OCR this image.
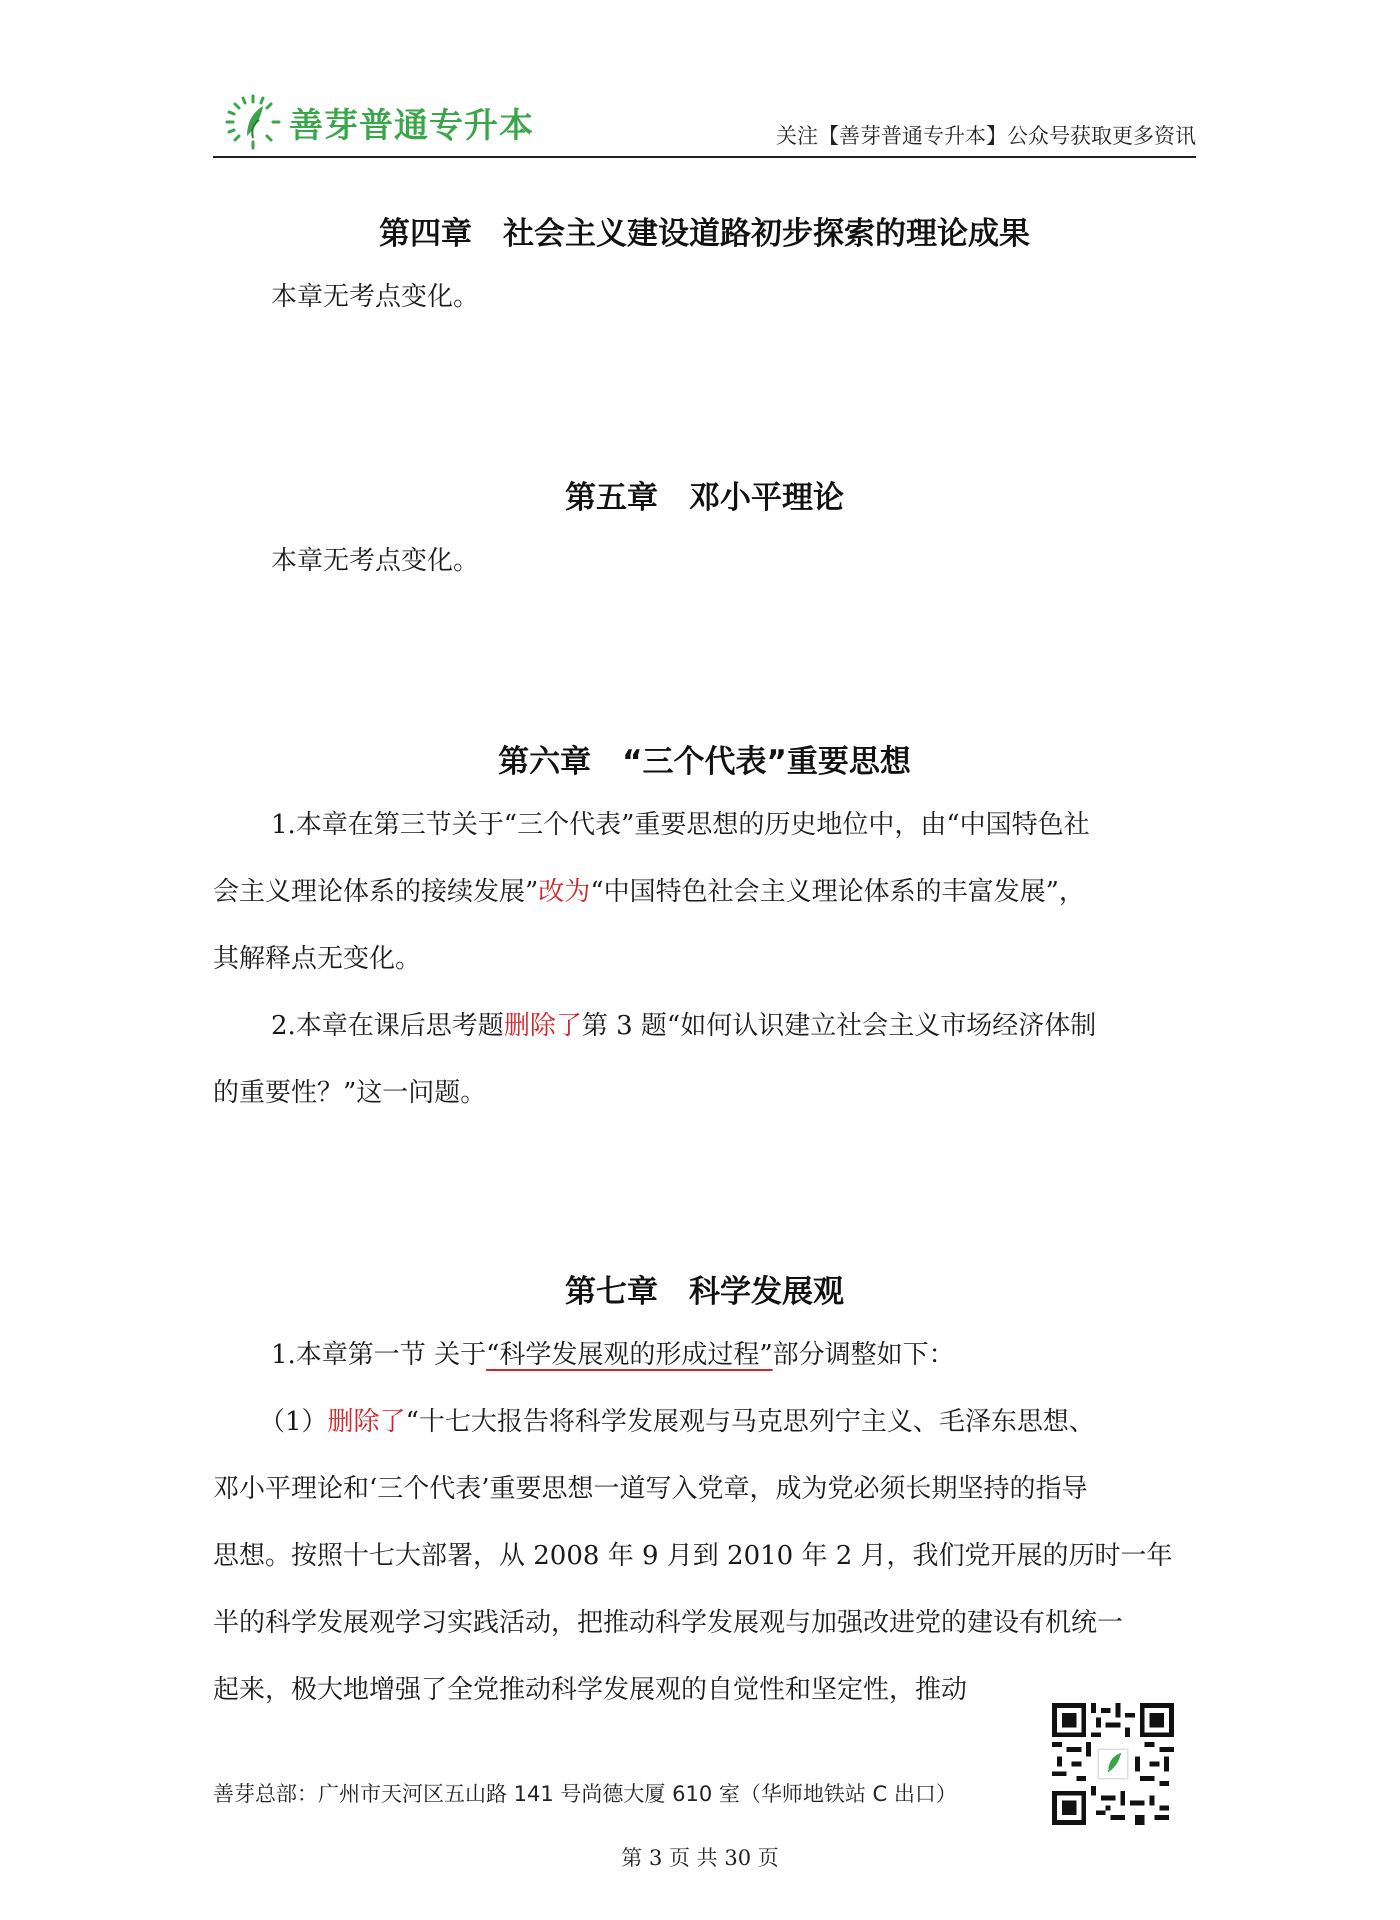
善芽普通专升本	关注【善芽普通专升本】公众号获取更多资讯
第四章　社会主义建设道路初步探索的理论成果
本章无考点变化。
第五章　邓小平理论
本章无考点变化。
第六章　“三个代表”重要思想
1.本章在第三节关于“三个代表”重要思想的历史地位中，由“中国特色社
会主义理论体系的接续发展”改为“中国特色社会主义理论体系的丰富发展”，
其解释点无变化。
2.本章在课后思考题删除了第 3 题“如何认识建立社会主义市场经济体制
的重要性？”这一问题。
第七章　科学发展观
1.本章第一节 关于“科学发展观的形成过程”部分调整如下：
（1）删除了“十七大报告将科学发展观与马克思列宁主义、毛泽东思想、
邓小平理论和‘三个代表’重要思想一道写入党章，成为党必须长期坚持的指导
思想。按照十七大部署，从 2008 年 9 月到 2010 年 2 月，我们党开展的历时一年
半的科学发展观学习实践活动，把推动科学发展观与加强改进党的建设有机统一
起来，极大地增强了全党推动科学发展观的自觉性和坚定性，推动
善芽总部：广州市天河区五山路 141 号尚德大厦 610 室（华师地铁站 C 出口）
第 3 页 共 30 页
